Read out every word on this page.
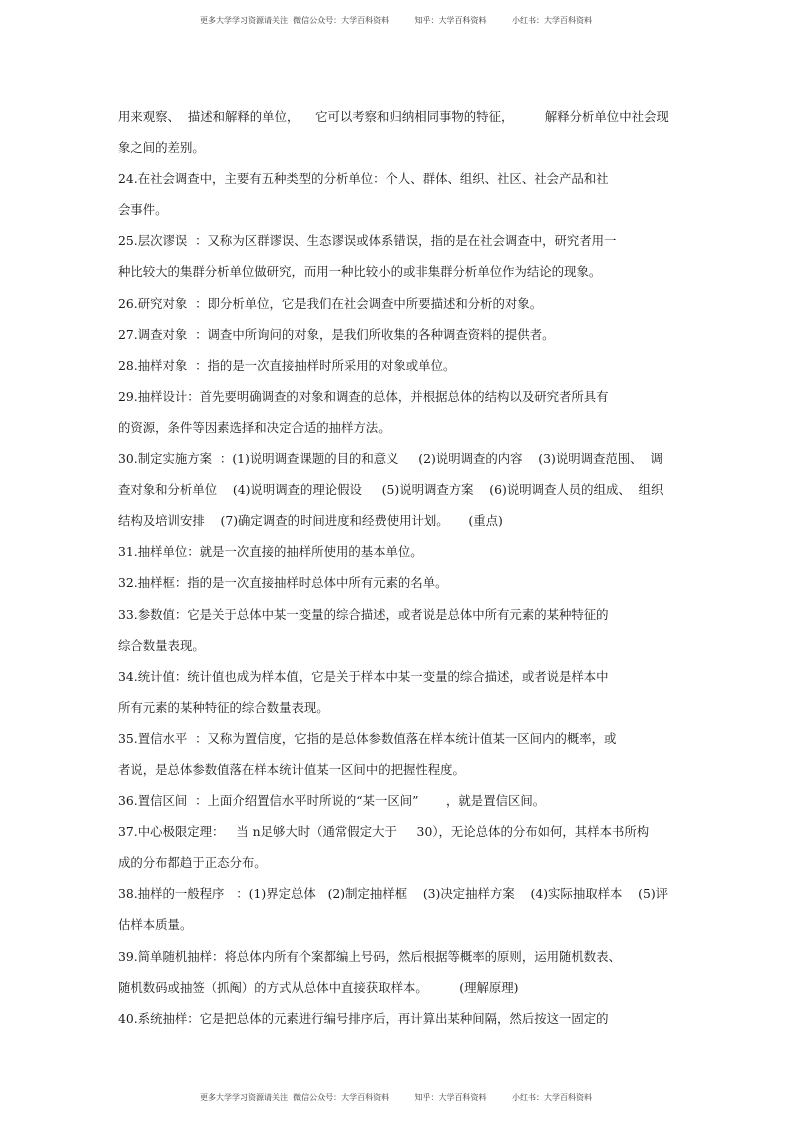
更多大学学习资源请关注  微信公众号：大学百科资料          知乎：大学百科资料          小红书：大学百科资料
用来观察、  描述和解释的单位，    它可以考察和归纳相同事物的特征，        解释分析单位中社会现
象之间的差别。
24.在社会调查中，主要有五种类型的分析单位：个人、群体、组织、社区、社会产品和社
会事件。
25.层次谬误  ：又称为区群谬误、生态谬误或体系错误，指的是在社会调查中，研究者用一
种比较大的集群分析单位做研究，而用一种比较小的或非集群分析单位作为结论的现象。
26.研究对象  ：即分析单位，它是我们在社会调查中所要描述和分析的对象。
27.调查对象  ：调查中所询问的对象，是我们所收集的各种调查资料的提供者。
28.抽样对象  ：指的是一次直接抽样时所采用的对象或单位。
29.抽样设计：首先要明确调查的对象和调查的总体，并根据总体的结构以及研究者所具有
的资源，条件等因素选择和决定合适的抽样方法。
30.制定实施方案  ：(1)说明调查课题的目的和意义     (2)说明调查的内容    (3)说明调查范围、  调
查对象和分析单位    (4)说明调查的理论假设     (5)说明调查方案    (6)说明调查人员的组成、  组织
结构及培训安排    (7)确定调查的时间进度和经费使用计划。     (重点)
31.抽样单位：就是一次直接的抽样所使用的基本单位。
32.抽样框：指的是一次直接抽样时总体中所有元素的名单。
33.参数值：它是关于总体中某一变量的综合描述，或者说是总体中所有元素的某种特征的
综合数量表现。
34.统计值：统计值也成为样本值，它是关于样本中某一变量的综合描述，或者说是样本中
所有元素的某种特征的综合数量表现。
35.置信水平  ：又称为置信度，它指的是总体参数值落在样本统计值某一区间内的概率，或
者说，是总体参数值落在样本统计值某一区间中的把握性程度。
36.置信区间  ：上面介绍置信水平时所说的“某一区间”       ，就是置信区间。
37.中心极限定理：   当 n足够大时（通常假定大于     30），无论总体的分布如何，其样本书所构
成的分布都趋于正态分布。
38.抽样的一般程序   ：(1)界定总体   (2)制定抽样框    (3)决定抽样方案    (4)实际抽取样本    (5)评
估样本质量。
39.简单随机抽样：将总体内所有个案都编上号码，然后根据等概率的原则，运用随机数表、
随机数码或抽签（抓阄）的方式从总体中直接获取样本。        (理解原理)
40.系统抽样：它是把总体的元素进行编号排序后，再计算出某种间隔，然后按这一固定的
更多大学学习资源请关注  微信公众号：大学百科资料          知乎：大学百科资料          小红书：大学百科资料
